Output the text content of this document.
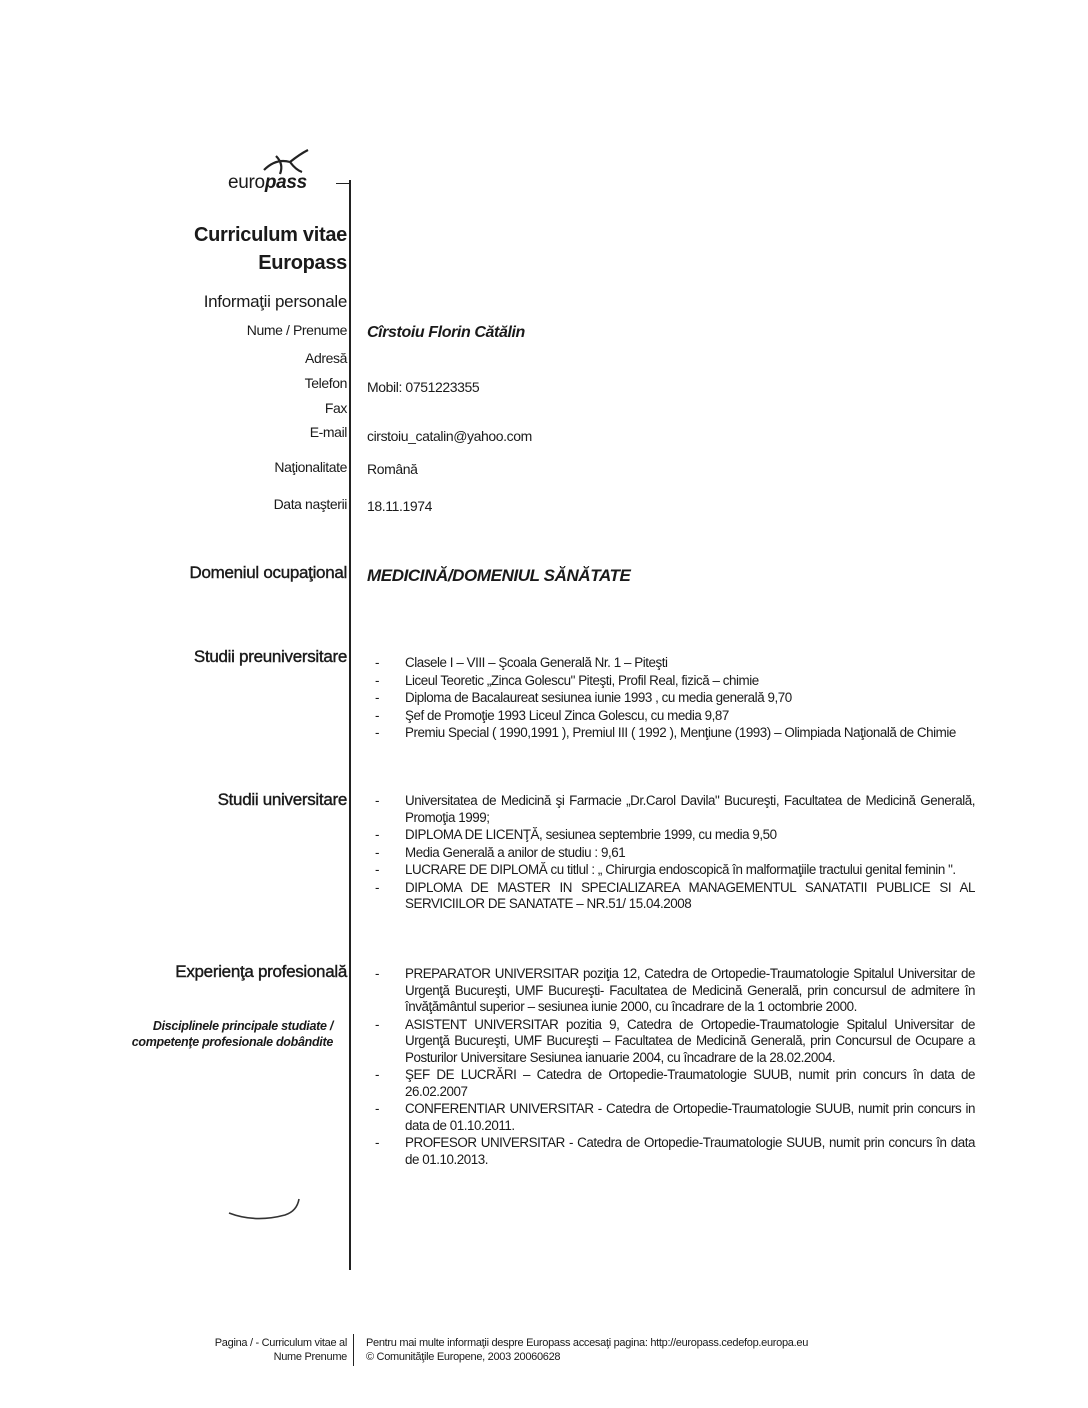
europass
Curriculum vitae
Europass
Informaţii personale
Nume / Prenume Cîrstoiu Florin Cătălin
Adresă
Telefon Mobil: 0751223355
Fax
E-mail cirstoiu_catalin@yahoo.com
Naţionalitate Română
Data naşterii 18.11.1974
Domeniul ocupaţional MEDICINĂ/DOMENIUL SĂNĂTATE
Studii preuniversitare	- Clasele I – VIII – Şcoala Generală Nr. 1 – Piteşti
- Liceul Teoretic „Zinca Golescu" Piteşti, Profil Real, fizică – chimie
- Diploma de Bacalaureat sesiunea iunie 1993 , cu media generală 9,70
- Şef de Promoţie 1993 Liceul Zinca Golescu, cu media 9,87
- Premiu Special ( 1990,1991 ), Premiul III ( 1992 ), Menţiune (1993) – Olimpiada Naţională de Chimie
Studii universitare	- Universitatea de Medicină şi Farmacie „Dr.Carol Davila" Bucureşti, Facultatea de Medicină Generală, Promoţia 1999;
- DIPLOMA DE LICENŢĂ, sesiunea septembrie 1999, cu media 9,50
- Media Generală a anilor de studiu : 9,61
- LUCRARE DE DIPLOMĂ cu titlul : „ Chirurgia endoscopică în malformaţiile tractului genital feminin ".
- DIPLOMA DE MASTER IN SPECIALIZAREA MANAGEMENTUL SANATATII PUBLICE SI AL SERVICIILOR DE SANATATE – NR.51/ 15.04.2008
Experienţa profesională
Disciplinele principale studiate / competenţe profesionale dobândite
- PREPARATOR UNIVERSITAR poziţia 12, Catedra de Ortopedie-Traumatologie Spitalul Universitar de Urgenţă Bucureşti, UMF Bucureşti- Facultatea de Medicină Generală, prin concursul de admitere în învăţământul superior – sesiunea iunie 2000, cu încadrare de la 1 octombrie 2000.
- ASISTENT UNIVERSITAR pozitia 9, Catedra de Ortopedie-Traumatologie Spitalul Universitar de Urgenţă Bucureşti, UMF Bucureşti – Facultatea de Medicină Generală, prin Concursul de Ocupare a Posturilor Universitare Sesiunea ianuarie 2004, cu încadrare de la 28.02.2004.
- ŞEF DE LUCRĂRI – Catedra de Ortopedie-Traumatologie SUUB, numit prin concurs în data de 26.02.2007
- CONFERENTIAR UNIVERSITAR - Catedra de Ortopedie-Traumatologie SUUB, numit prin concurs in data de 01.10.2011.
- PROFESOR UNIVERSITAR - Catedra de Ortopedie-Traumatologie SUUB, numit prin concurs în data de 01.10.2013.
Pagina / - Curriculum vitae al
Nume Prenume
Pentru mai multe informaţii despre Europass accesaţi pagina: http://europass.cedefop.europa.eu
© Comunităţile Europene, 2003 20060628
